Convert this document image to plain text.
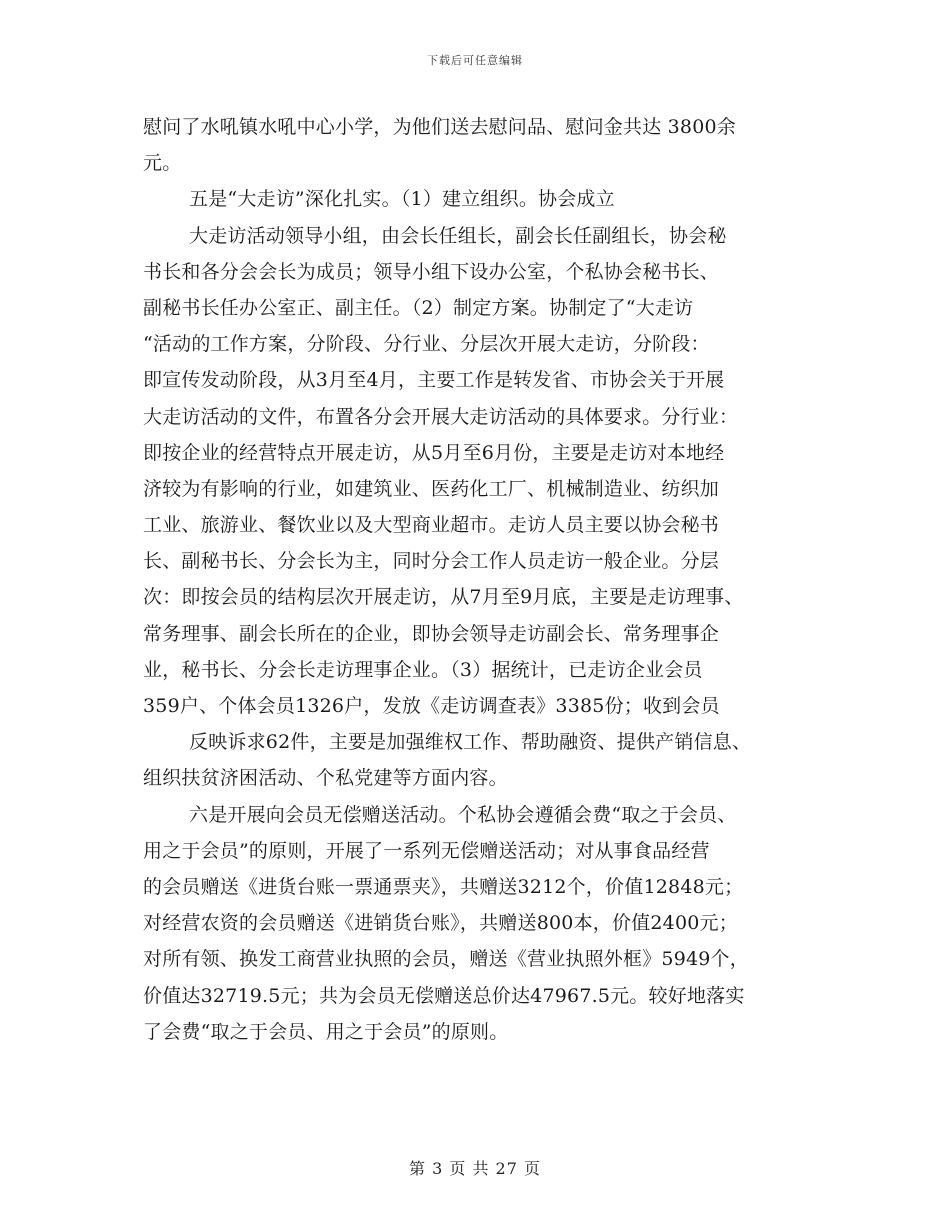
下载后可任意编辑
慰问了水吼镇水吼中心小学，为他们送去慰问品、慰问金共达 3800余
元。
五是“大走访”深化扎实。（1）建立组织。协会成立
大走访活动领导小组，由会长任组长，副会长任副组长，协会秘
书长和各分会会长为成员；领导小组下设办公室，个私协会秘书长、
副秘书长任办公室正、副主任。（2）制定方案。协制定了“大走访
“活动的工作方案，分阶段、分行业、分层次开展大走访，分阶段：
即宣传发动阶段，从3月至4月，主要工作是转发省、市协会关于开展
大走访活动的文件，布置各分会开展大走访活动的具体要求。分行业：
即按企业的经营特点开展走访，从5月至6月份，主要是走访对本地经
济较为有影响的行业，如建筑业、医药化工厂、机械制造业、纺织加
工业、旅游业、餐饮业以及大型商业超市。走访人员主要以协会秘书
长、副秘书长、分会长为主，同时分会工作人员走访一般企业。分层
次：即按会员的结构层次开展走访，从7月至9月底，主要是走访理事、
常务理事、副会长所在的企业，即协会领导走访副会长、常务理事企
业，秘书长、分会长走访理事企业。（3）据统计，已走访企业会员
359户、个体会员1326户，发放《走访调查表》3385份；收到会员
反映诉求62件，主要是加强维权工作、帮助融资、提供产销信息、
组织扶贫济困活动、个私党建等方面内容。
六是开展向会员无偿赠送活动。个私协会遵循会费“取之于会员、
用之于会员”的原则，开展了一系列无偿赠送活动；对从事食品经营
的会员赠送《进货台账一票通票夹》，共赠送3212个，价值12848元；
对经营农资的会员赠送《进销货台账》，共赠送800本，价值2400元；
对所有领、换发工商营业执照的会员，赠送《营业执照外框》5949个，
价值达32719.5元；共为会员无偿赠送总价达47967.5元。较好地落实
了会费“取之于会员、用之于会员”的原则。
第 3 页 共 27 页
